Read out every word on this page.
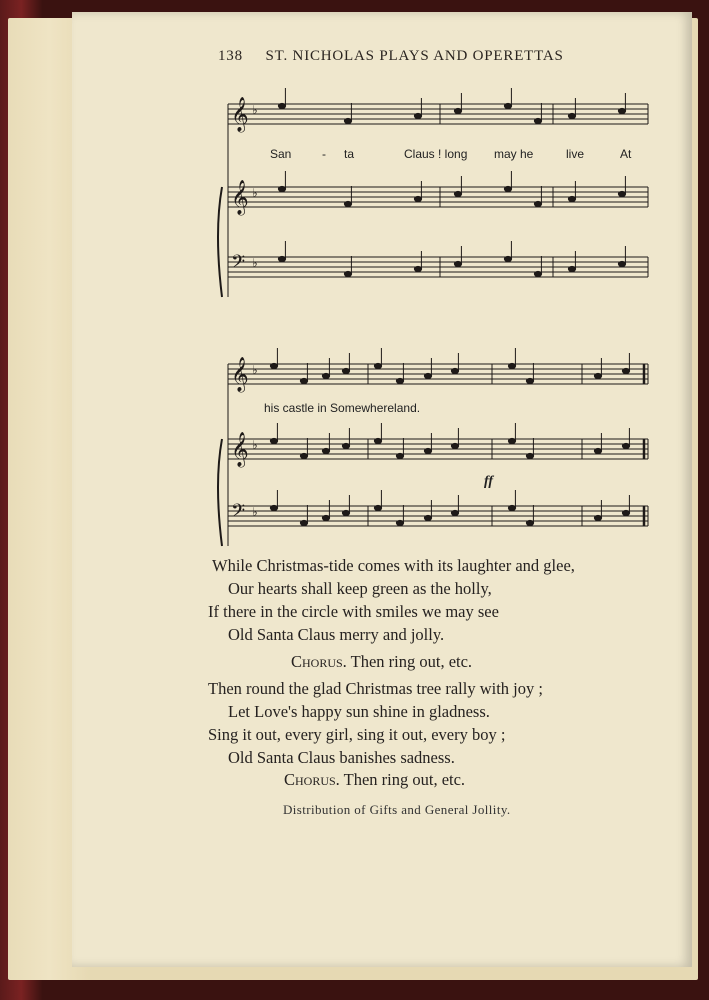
138 ST. NICHOLAS PLAYS AND OPERETTAS
𝄞 ♭
𝄞 ♭
𝄢 ♭
𝄞 ♭
𝄞 ♭
𝄢 ♭
San	- ta	Claus ! long may he	live	At
his castle in Somewhereland.
ff
While Christmas-tide comes with its laughter and glee,
Our hearts shall keep green as the holly,
If there in the circle with smiles we may see
Old Santa Claus merry and jolly.
Chorus. Then ring out, etc.
Then round the glad Christmas tree rally with joy ;
Let Love's happy sun shine in gladness.
Sing it out, every girl, sing it out, every boy ;
Old Santa Claus banishes sadness.
Chorus. Then ring out, etc.
Distribution of Gifts and General Jollity.
